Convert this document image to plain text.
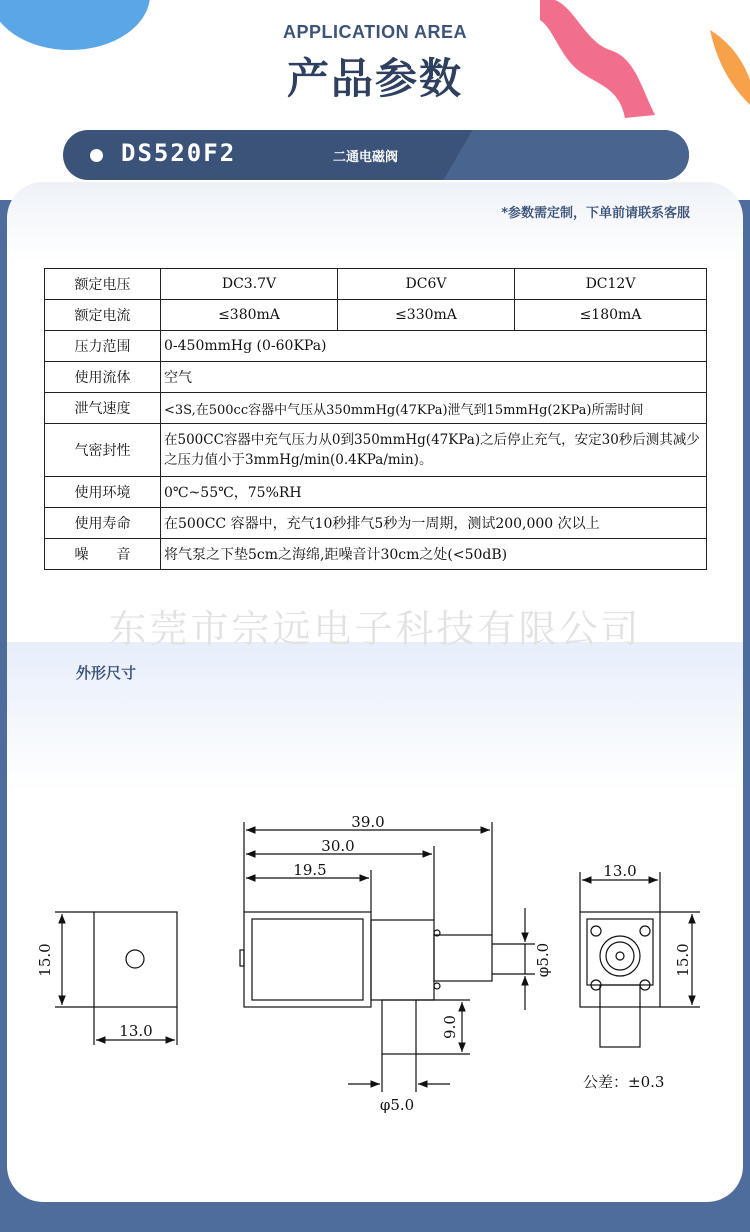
APPLICATION AREA
产品参数
DS520F2	二通电磁阀
*参数需定制，下单前请联系客服
额定电压	DC3.7V	DC6V	DC12V
额定电流	≤380mA	≤330mA	≤180mA
压力范围	0-450mmHg (0-60KPa)		
使用流体	空气		
泄气速度	<3S,在500cc容器中气压从350mmHg(47KPa)泄气到15mmHg(2KPa)所需时间		
气密封性	在500CC容器中充气压力从0到350mmHg(47KPa)之后停止充气，安定30秒后测其减少之压力值小于3mmHg/min(0.4KPa/min)。		
使用环境	0℃~55℃，75%RH		
使用寿命	在500CC 容器中，充气10秒排气5秒为一周期，测试200,000 次以上		
噪　　音	将气泵之下垫5cm之海绵,距噪音计30cm之处(<50dB)		
东莞市宗远电子科技有限公司
外形尺寸
15.0
13.0
39.0
30.0
19.5
φ5.0
9.0
φ5.0
13.0
15.0
公差：±0.3
